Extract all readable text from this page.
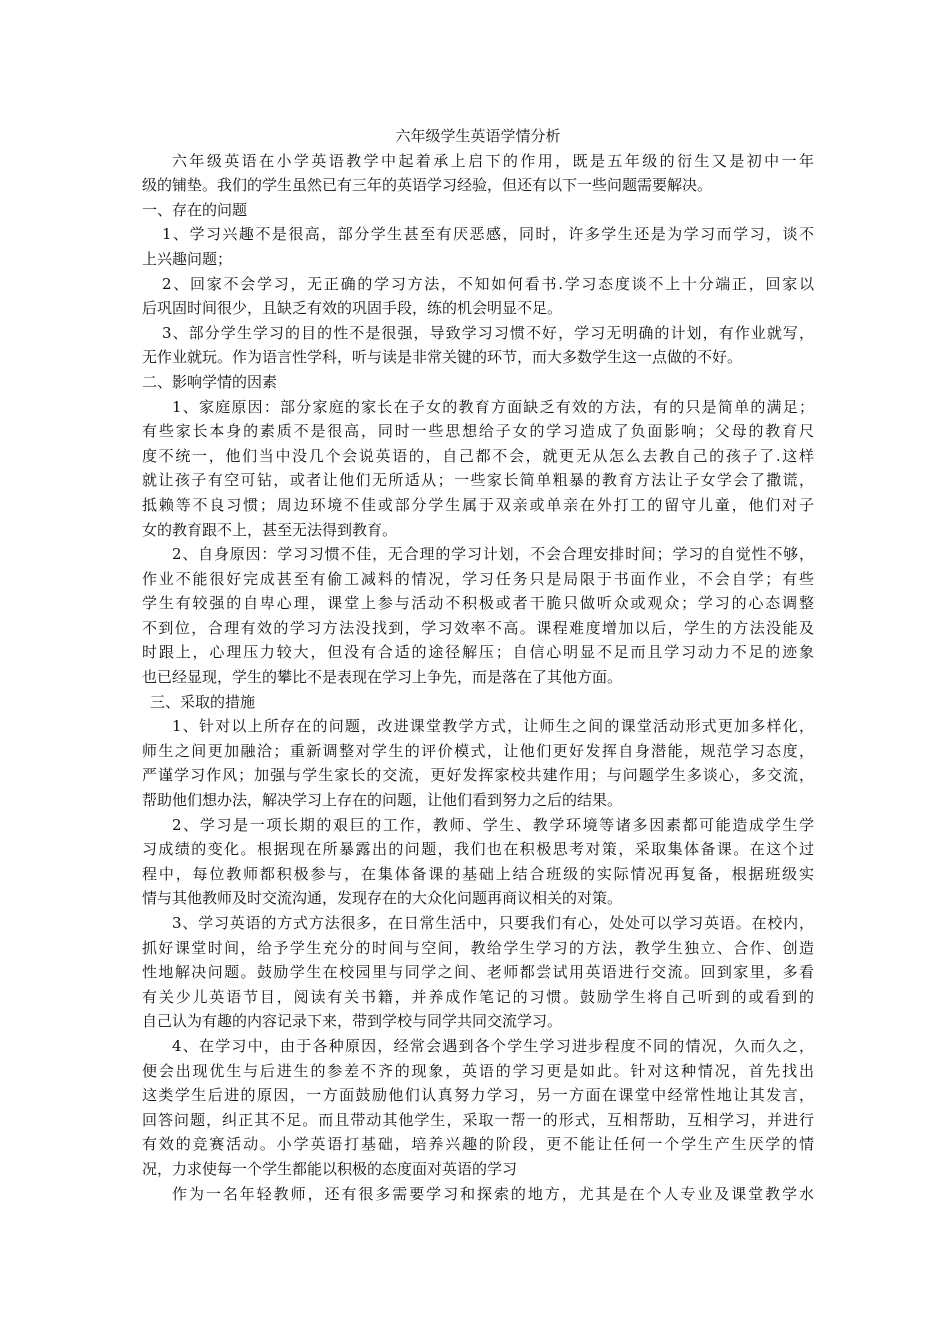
六年级学生英语学情分析

六年级英语在小学英语教学中起着承上启下的作用，既是五年级的衍生又是初中一年

级的铺垫。我们的学生虽然已有三年的英语学习经验，但还有以下一些问题需要解决。

一、存在的问题

1、学习兴趣不是很高，部分学生甚至有厌恶感，同时，许多学生还是为学习而学习，谈不

上兴趣问题；

2、回家不会学习，无正确的学习方法，不知如何看书.学习态度谈不上十分端正，回家以

后巩固时间很少，且缺乏有效的巩固手段，练的机会明显不足。

3、部分学生学习的目的性不是很强，导致学习习惯不好，学习无明确的计划，有作业就写，

无作业就玩。作为语言性学科，听与读是非常关键的环节，而大多数学生这一点做的不好。

二、影响学情的因素

1、家庭原因：部分家庭的家长在子女的教育方面缺乏有效的方法，有的只是简单的满足；

有些家长本身的素质不是很高，同时一些思想给子女的学习造成了负面影响；父母的教育尺

度不统一，他们当中没几个会说英语的，自己都不会，就更无从怎么去教自己的孩子了.这样

就让孩子有空可钻，或者让他们无所适从；一些家长简单粗暴的教育方法让子女学会了撒谎，

抵赖等不良习惯；周边环境不佳或部分学生属于双亲或单亲在外打工的留守儿童，他们对子

女的教育跟不上，甚至无法得到教育。

2、自身原因：学习习惯不佳，无合理的学习计划，不会合理安排时间；学习的自觉性不够，

作业不能很好完成甚至有偷工减料的情况，学习任务只是局限于书面作业，不会自学；有些

学生有较强的自卑心理，课堂上参与活动不积极或者干脆只做听众或观众；学习的心态调整

不到位，合理有效的学习方法没找到，学习效率不高。课程难度增加以后，学生的方法没能及

时跟上，心理压力较大，但没有合适的途径解压；自信心明显不足而且学习动力不足的迹象

也已经显现，学生的攀比不是表现在学习上争先，而是落在了其他方面。

三、采取的措施

1、针对以上所存在的问题，改进课堂教学方式，让师生之间的课堂活动形式更加多样化，

师生之间更加融洽；重新调整对学生的评价模式，让他们更好发挥自身潜能，规范学习态度，

严谨学习作风；加强与学生家长的交流，更好发挥家校共建作用；与问题学生多谈心，多交流，

帮助他们想办法，解决学习上存在的问题，让他们看到努力之后的结果。

2、学习是一项长期的艰巨的工作，教师、学生、教学环境等诸多因素都可能造成学生学

习成绩的变化。根据现在所暴露出的问题，我们也在积极思考对策，采取集体备课。在这个过

程中，每位教师都积极参与，在集体备课的基础上结合班级的实际情况再复备，根据班级实

情与其他教师及时交流沟通，发现存在的大众化问题再商议相关的对策。

3、学习英语的方式方法很多，在日常生活中，只要我们有心，处处可以学习英语。在校内，

抓好课堂时间，给予学生充分的时间与空间，教给学生学习的方法，教学生独立、合作、创造

性地解决问题。鼓励学生在校园里与同学之间、老师都尝试用英语进行交流。回到家里，多看

有关少儿英语节目，阅读有关书籍，并养成作笔记的习惯。鼓励学生将自己听到的或看到的

自己认为有趣的内容记录下来，带到学校与同学共同交流学习。

4、在学习中，由于各种原因，经常会遇到各个学生学习进步程度不同的情况，久而久之，

便会出现优生与后进生的参差不齐的现象，英语的学习更是如此。针对这种情况，首先找出

这类学生后进的原因，一方面鼓励他们认真努力学习，另一方面在课堂中经常性地让其发言，

回答问题，纠正其不足。而且带动其他学生，采取一帮一的形式，互相帮助，互相学习，并进行

有效的竞赛活动。小学英语打基础，培养兴趣的阶段，更不能让任何一个学生产生厌学的情

况，力求使每一个学生都能以积极的态度面对英语的学习

作为一名年轻教师，还有很多需要学习和探索的地方，尤其是在个人专业及课堂教学水
